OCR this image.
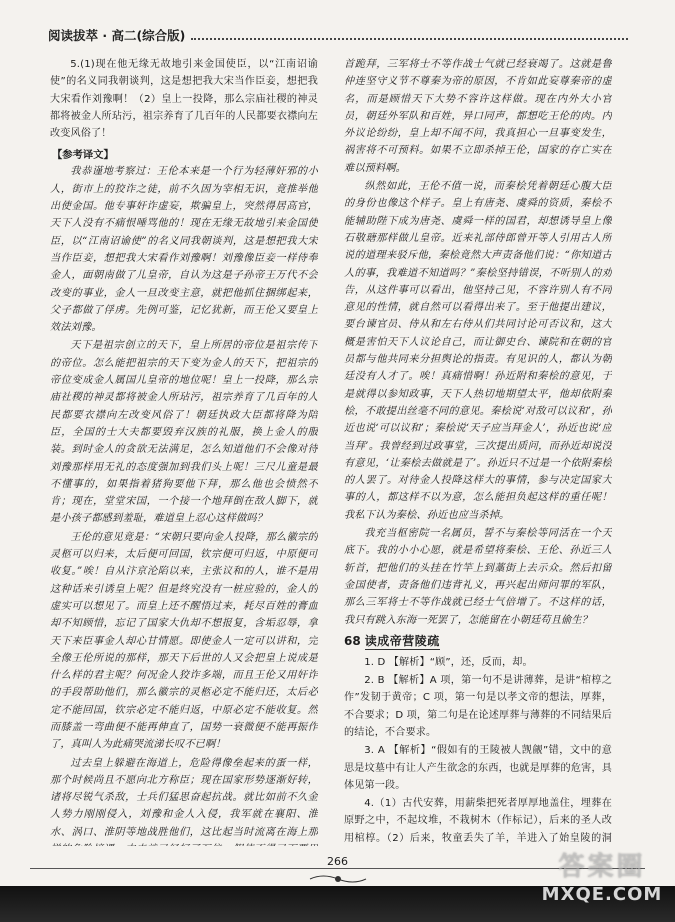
阅读拔萃 · 高二(综合版)

5.(1)现在他无缘无故地引来金国使臣，以“江南诏谕使”的名义同我朝谈判，这是想把我大宋当作臣妾，想把我大宋看作刘豫啊！（2）皇上一投降，那么宗庙社稷的神灵都将被金人所玷污，祖宗养育了几百年的人民都要衣襟向左改变风俗了！

【参考译文】

我恭谨地考察过：王伦本来是一个行为轻薄奸邪的小人，街市上的狡诈之徒，前不久因为宰相无识，竟推举他出使金国。他专事奸诈虚妄，欺骗皇上，突然得居高官，天下人没有不痛恨唾骂他的！现在无缘无故地引来金国使臣，以“江南诏谕使”的名义同我朝谈判，这是想把我大宋当作臣妾，想把我大宋看作刘豫啊！刘豫像臣妾一样侍奉金人，面朝南做了儿皇帝，自认为这是子孙帝王万代不会改变的事业，金人一旦改变主意，就把他抓住捆绑起来，父子都做了俘虏。先例可鉴，记忆犹新，而王伦又要皇上效法刘豫。

天下是祖宗创立的天下，皇上所居的帝位是祖宗传下的帝位。怎么能把祖宗的天下变为金人的天下，把祖宗的帝位变成金人属国儿皇帝的地位呢！皇上一投降，那么宗庙社稷的神灵都将被金人所玷污，祖宗养育了几百年的人民都要衣襟向左改变风俗了！朝廷执政大臣都将降为陪臣，全国的士大夫都要毁弃汉族的礼服，换上金人的服装。到时金人的贪欲无法满足，怎么知道他们不会像对待刘豫那样用无礼的态度强加到我们头上呢！三尺儿童是最不懂事的，如果指着猪狗要他下拜，那么他也会愤然不肯；现在，堂堂宋国，一个接一个地拜倒在敌人脚下，就是小孩子都感到羞耻，难道皇上忍心这样做吗？

王伦的意见竟是：“宋朝只要向金人投降，那么徽宗的灵柩可以归来，太后便可回国，钦宗便可归返，中原便可收复。”唉！自从汴京沦陷以来，主张议和的人，谁不是用这种话来引诱皇上呢？但是终究没有一桩应验的，金人的虚实可以想见了。而皇上还不醒悟过来，耗尽百姓的膏血却不知顾惜，忘记了国家大仇却不想报复，含垢忍辱，拿天下来臣事金人却心甘情愿。即使金人一定可以讲和，完全像王伦所说的那样，那天下后世的人又会把皇上说成是什么样的君主呢？何况金人狡诈多端，而且王伦又用奸诈的手段帮助他们，那么徽宗的灵柩必定不能归还，太后必定不能回国，钦宗必定不能归返，中原必定不能收复。然而膝盖一弯曲便不能再伸直了，国势一衰微便不能再振作了，真叫人为此痛哭流涕长叹不已啊！

过去皇上躲避在海道上，危险得像垒起来的蛋一样，那个时候尚且不愿向北方称臣；现在国家形势逐渐好转，诸将尽锐气杀敌，士兵们猛思奋起抗战。就比如前不久金人势力刚刚侵入，刘豫和金人入侵，我军就在襄阳、淮水、涡口、淮阴等地战胜他们，这比起当时流离在海上那

首跪拜，三军将士不等作战士气就已经衰竭了。这就是鲁仲连坚守义节不尊秦为帝的原因，不肯如此妄尊秦帝的虚名，而是顾惜天下大势不容许这样做。现在内外大小官员，朝廷外军队和百姓，异口同声，都想吃王伦的肉。内外议论纷纷，皇上却不闻不问，我真担心一旦事变发生，祸害将不可预料。如果不立即杀掉王伦，国家的存亡实在难以预料啊。

纵然如此，王伦不值一说，而秦桧凭着朝廷心腹大臣的身份也像这个样子。皇上有唐尧、虞舜的资质，秦桧不能辅助陛下成为唐尧、虞舜一样的国君，却想诱导皇上像石敬瑭那样做儿皇帝。近来礼部侍郎曾开等人引用古人所说的道理来驳斥他，秦桧竟然大声责备他们说：“你知道古人的事，我难道不知道吗？”秦桧坚持错误，不听别人的劝告，从这件事可以看出，他坚持己见，不容许别人有不同意见的性情，就自然可以看得出来了。至于他提出建议，要台谏官员、侍从和左右侍从们共同讨论可否议和，这大概是害怕天下人议论自己，而让御史台、谏院和在朝的官员都与他共同来分担舆论的指责。有见识的人，都认为朝廷没有人才了。唉！真痛惜啊！孙近附和秦桧的意见，于是就得以参知政事，天下人热切地期望太平，他却依附秦桧，不敢提出丝毫不同的意见。秦桧说‘对敌可以议和’，孙近也说‘可以议和’；秦桧说‘天子应当拜金人’，孙近也说‘应当拜’。我曾经到过政事堂，三次提出质问，而孙近却说没有意见，‘让秦桧去做就是了’。孙近只不过是一个依附秦桧的人罢了。对待金人投降这样大的事情，参与决定国家大事的人，都这样不以为意，怎么能担负起这样的重任呢！我私下认为秦桧、孙近也应当杀掉。

我充当枢密院一名属员，誓不与秦桧等同活在一个天底下。我的小小心愿，就是希望将秦桧、王伦、孙近三人斩首，把他们的头挂在竹竿上到藁街上去示众。然后扣留金国使者，责备他们违背礼义，再兴起出师问罪的军队，那么三军将士不等作战就已经士气倍增了。不这样的话，我只有跳入东海一死罢了，怎能留在小朝廷苟且偷生？

68 读成帝营陵疏

1. D 【解析】“顾”，还，反而，却。

2. B 【解析】A 项，第一句不是讲薄葬，是讲“棺椁之作”发韧于黄帝；C 项，第一句是以孝文帝的想法，厚葬，不合要求；D 项，第二句是在论述厚葬与薄葬的不同结果后的结论，不合要求。

3. A 【解析】“假如有的王陵被人觊觎”错，文中的意思是坟墓中有让人产生欲念的东西，也就是厚葬的危害，具体见第一段。

4.（1）古代安葬，用薪柴把死者厚厚地盖住，埋葬在原野之中，不起坟堆，不栽树木（作标记），后来的圣人改用棺椁。（2）后来，牧童丢失了羊，羊进入了始皇陵的洞

266	答案圈
MXQE.COM
